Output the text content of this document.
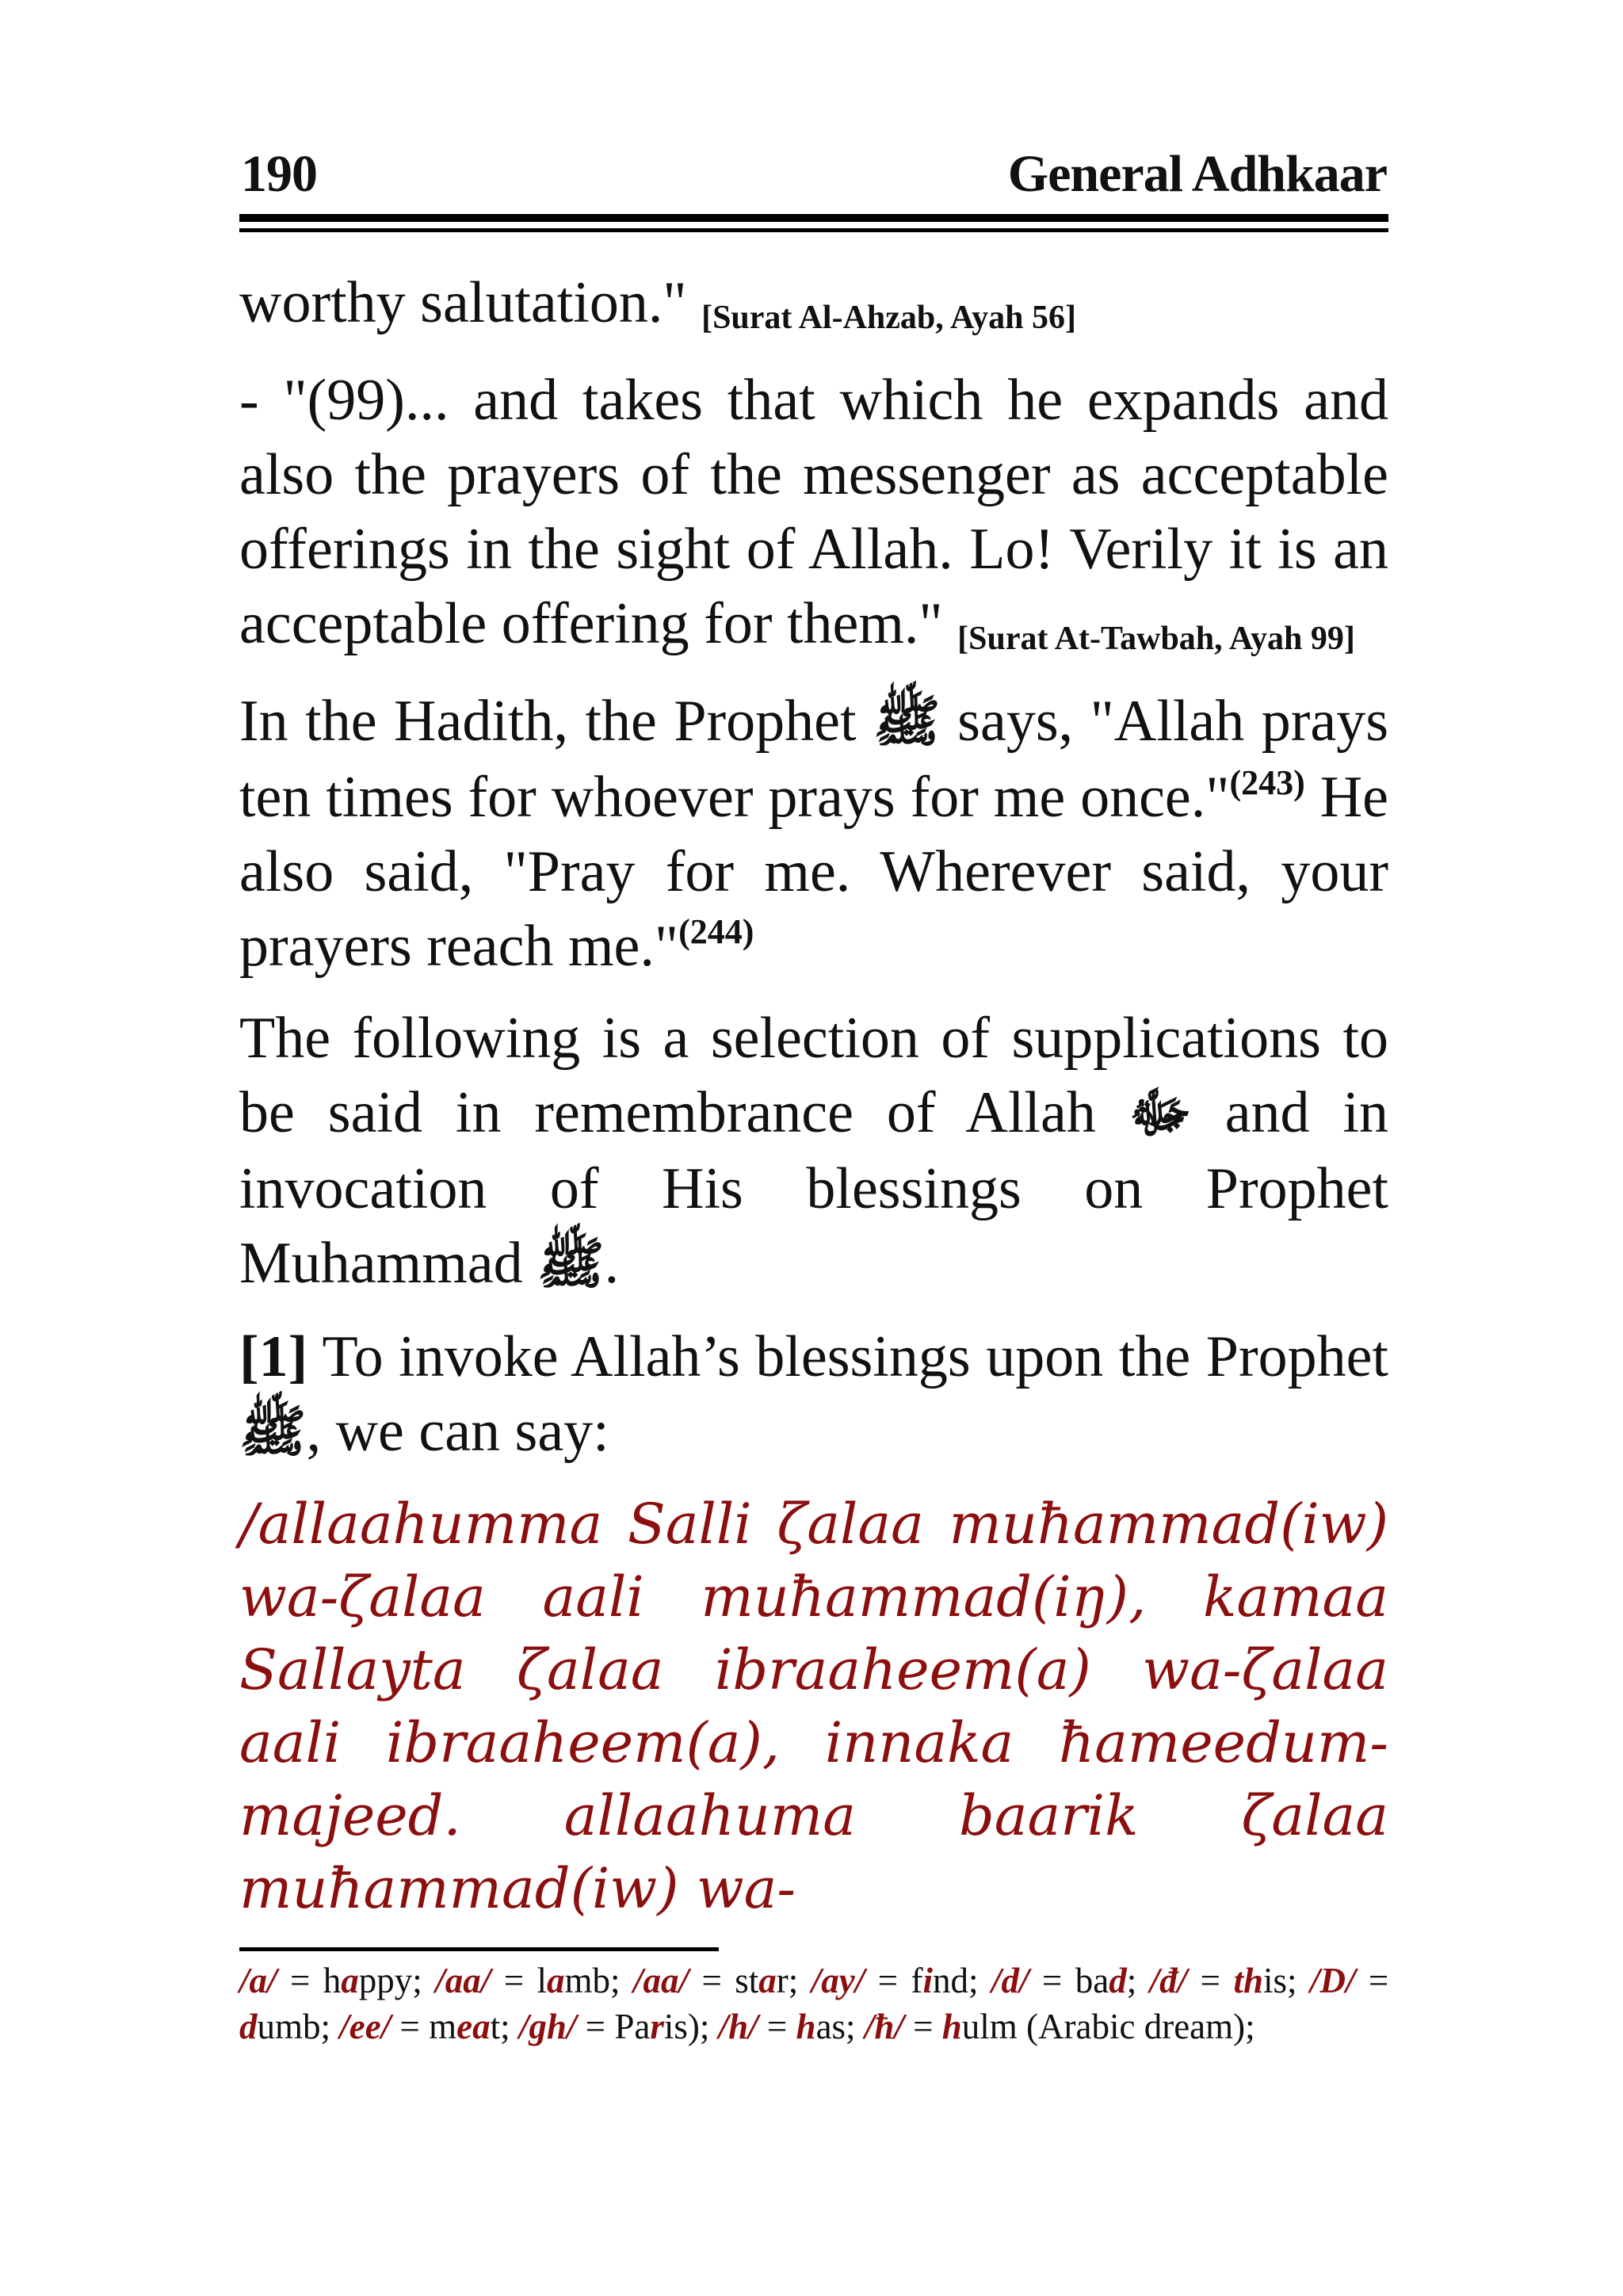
190	General Adhkaar

worthy salutation." [Surat Al-Ahzab, Ayah 56]

- "(99)... and takes that which he expands and also the prayers of the messenger as acceptable offerings in the sight of Allah. Lo! Verily it is an acceptable offering for them." [Surat At-Tawbah, Ayah 99]

In the Hadith, the Prophet ﷺ says, "Allah prays ten times for whoever prays for me once."$^{(243)}$ He also said, "Pray for me. Wherever said, your prayers reach me."$^{(244)}$

The following is a selection of supplications to be said in remembrance of Allah ﷻ and in invocation of His blessings on Prophet Muhammad ﷺ.

[1] To invoke Allah’s blessings upon the Prophet ﷺ, we can say:

/allaahumma Salli ζalaa muħammad(iw) wa-ζalaa aali muħammad(iŋ), kamaa Sallayta ζalaa ibraaheem(a) wa-ζalaa aali ibraaheem(a), innaka ħameedum-majeed. allaahuma baarik ζalaa muħammad(iw) wa-

/a/ = happy; /aa/ = lamb; /aa/ = star; /ay/ = find; /d/ = bad; /đ/ = this; /D/ = dumb; /ee/ = meat; /gh/ = Paris); /h/ = has; /ħ/ = hulm (Arabic dream);
